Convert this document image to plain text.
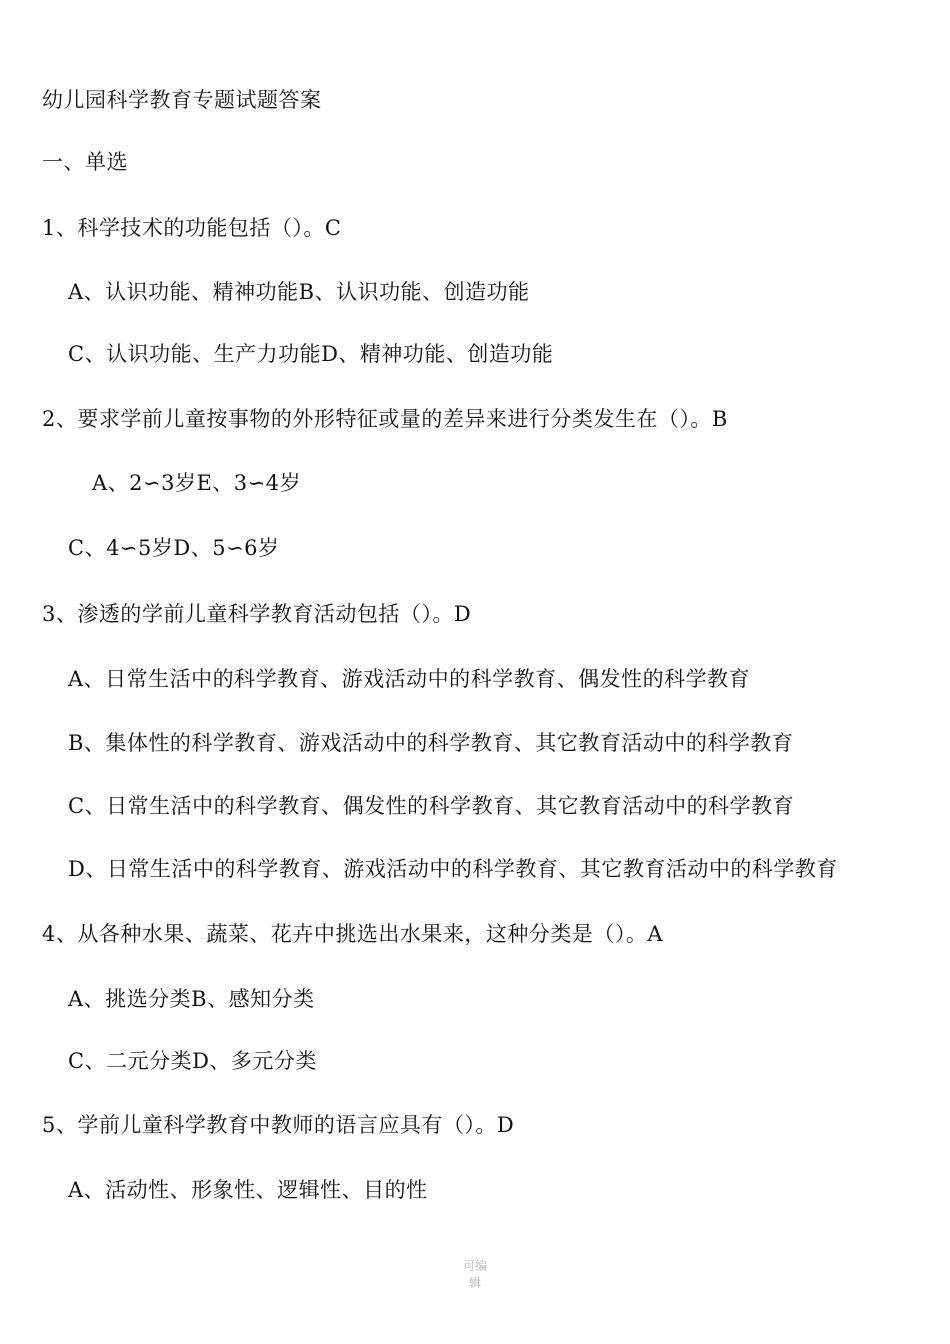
幼儿园科学教育专题试题答案
一、单选
1、科学技术的功能包括（）。C
A、认识功能、精神功能B、认识功能、创造功能
C、认识功能、生产力功能D、精神功能、创造功能
2、要求学前儿童按事物的外形特征或量的差异来进行分类发生在（）。B
A、2∽3岁E、3∽4岁
C、4∽5岁D、5∽6岁
3、渗透的学前儿童科学教育活动包括（）。D
A、日常生活中的科学教育、游戏活动中的科学教育、偶发性的科学教育
B、集体性的科学教育、游戏活动中的科学教育、其它教育活动中的科学教育
C、日常生活中的科学教育、偶发性的科学教育、其它教育活动中的科学教育
D、日常生活中的科学教育、游戏活动中的科学教育、其它教育活动中的科学教育
4、从各种水果、蔬菜、花卉中挑选出水果来，这种分类是（）。A
A、挑选分类B、感知分类
C、二元分类D、多元分类
5、学前儿童科学教育中教师的语言应具有（）。D
A、活动性、形象性、逻辑性、目的性
可编
辑
